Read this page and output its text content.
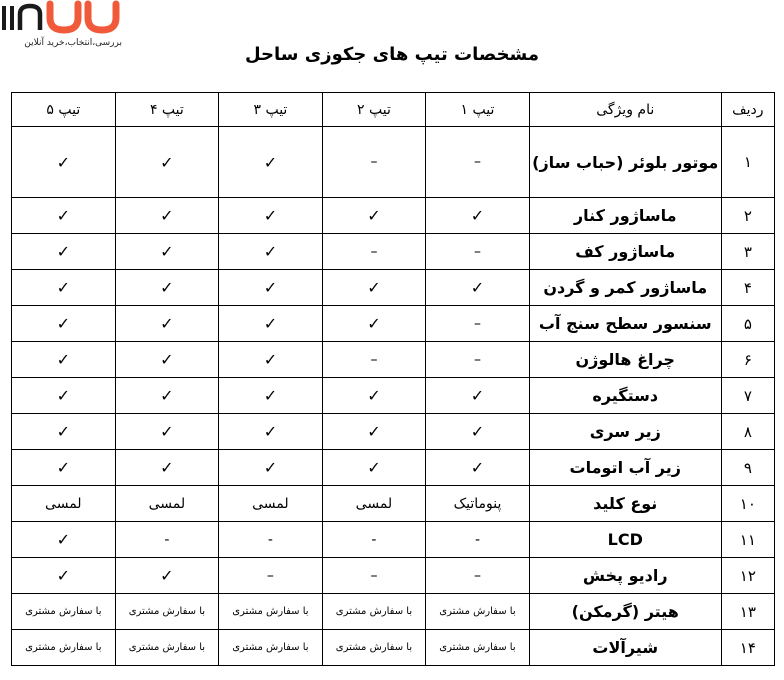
بررسی،انتخاب،خرید آنلاین
مشخصات تیپ های جکوزی ساحل
ردیف	نام ویژگی	تیپ ۱	تیپ ۲	تیپ ۳	تیپ ۴	تیپ ۵
۱	موتور بلوئر (حباب ساز)	–	–	✓	✓	✓
۲	ماساژور کنار	✓	✓	✓	✓	✓
۳	ماساژور کف	–	–	✓	✓	✓
۴	ماساژور کمر و گردن	✓	✓	✓	✓	✓
۵	سنسور سطح سنج آب	–	✓	✓	✓	✓
۶	چراغ هالوژن	–	–	✓	✓	✓
۷	دستگیره	✓	✓	✓	✓	✓
۸	زیر سری	✓	✓	✓	✓	✓
۹	زیر آب اتومات	✓	✓	✓	✓	✓
۱۰	نوع کلید	پنوماتیک	لمسی	لمسی	لمسی	لمسی
۱۱	LCD	-	-	-	-	✓
۱۲	رادیو پخش	–	–	–	✓	✓
۱۳	هیتر (گرمکن)	با سفارش مشتری	با سفارش مشتری	با سفارش مشتری	با سفارش مشتری	با سفارش مشتری
۱۴	شیرآلات	با سفارش مشتری	با سفارش مشتری	با سفارش مشتری	با سفارش مشتری	با سفارش مشتری
